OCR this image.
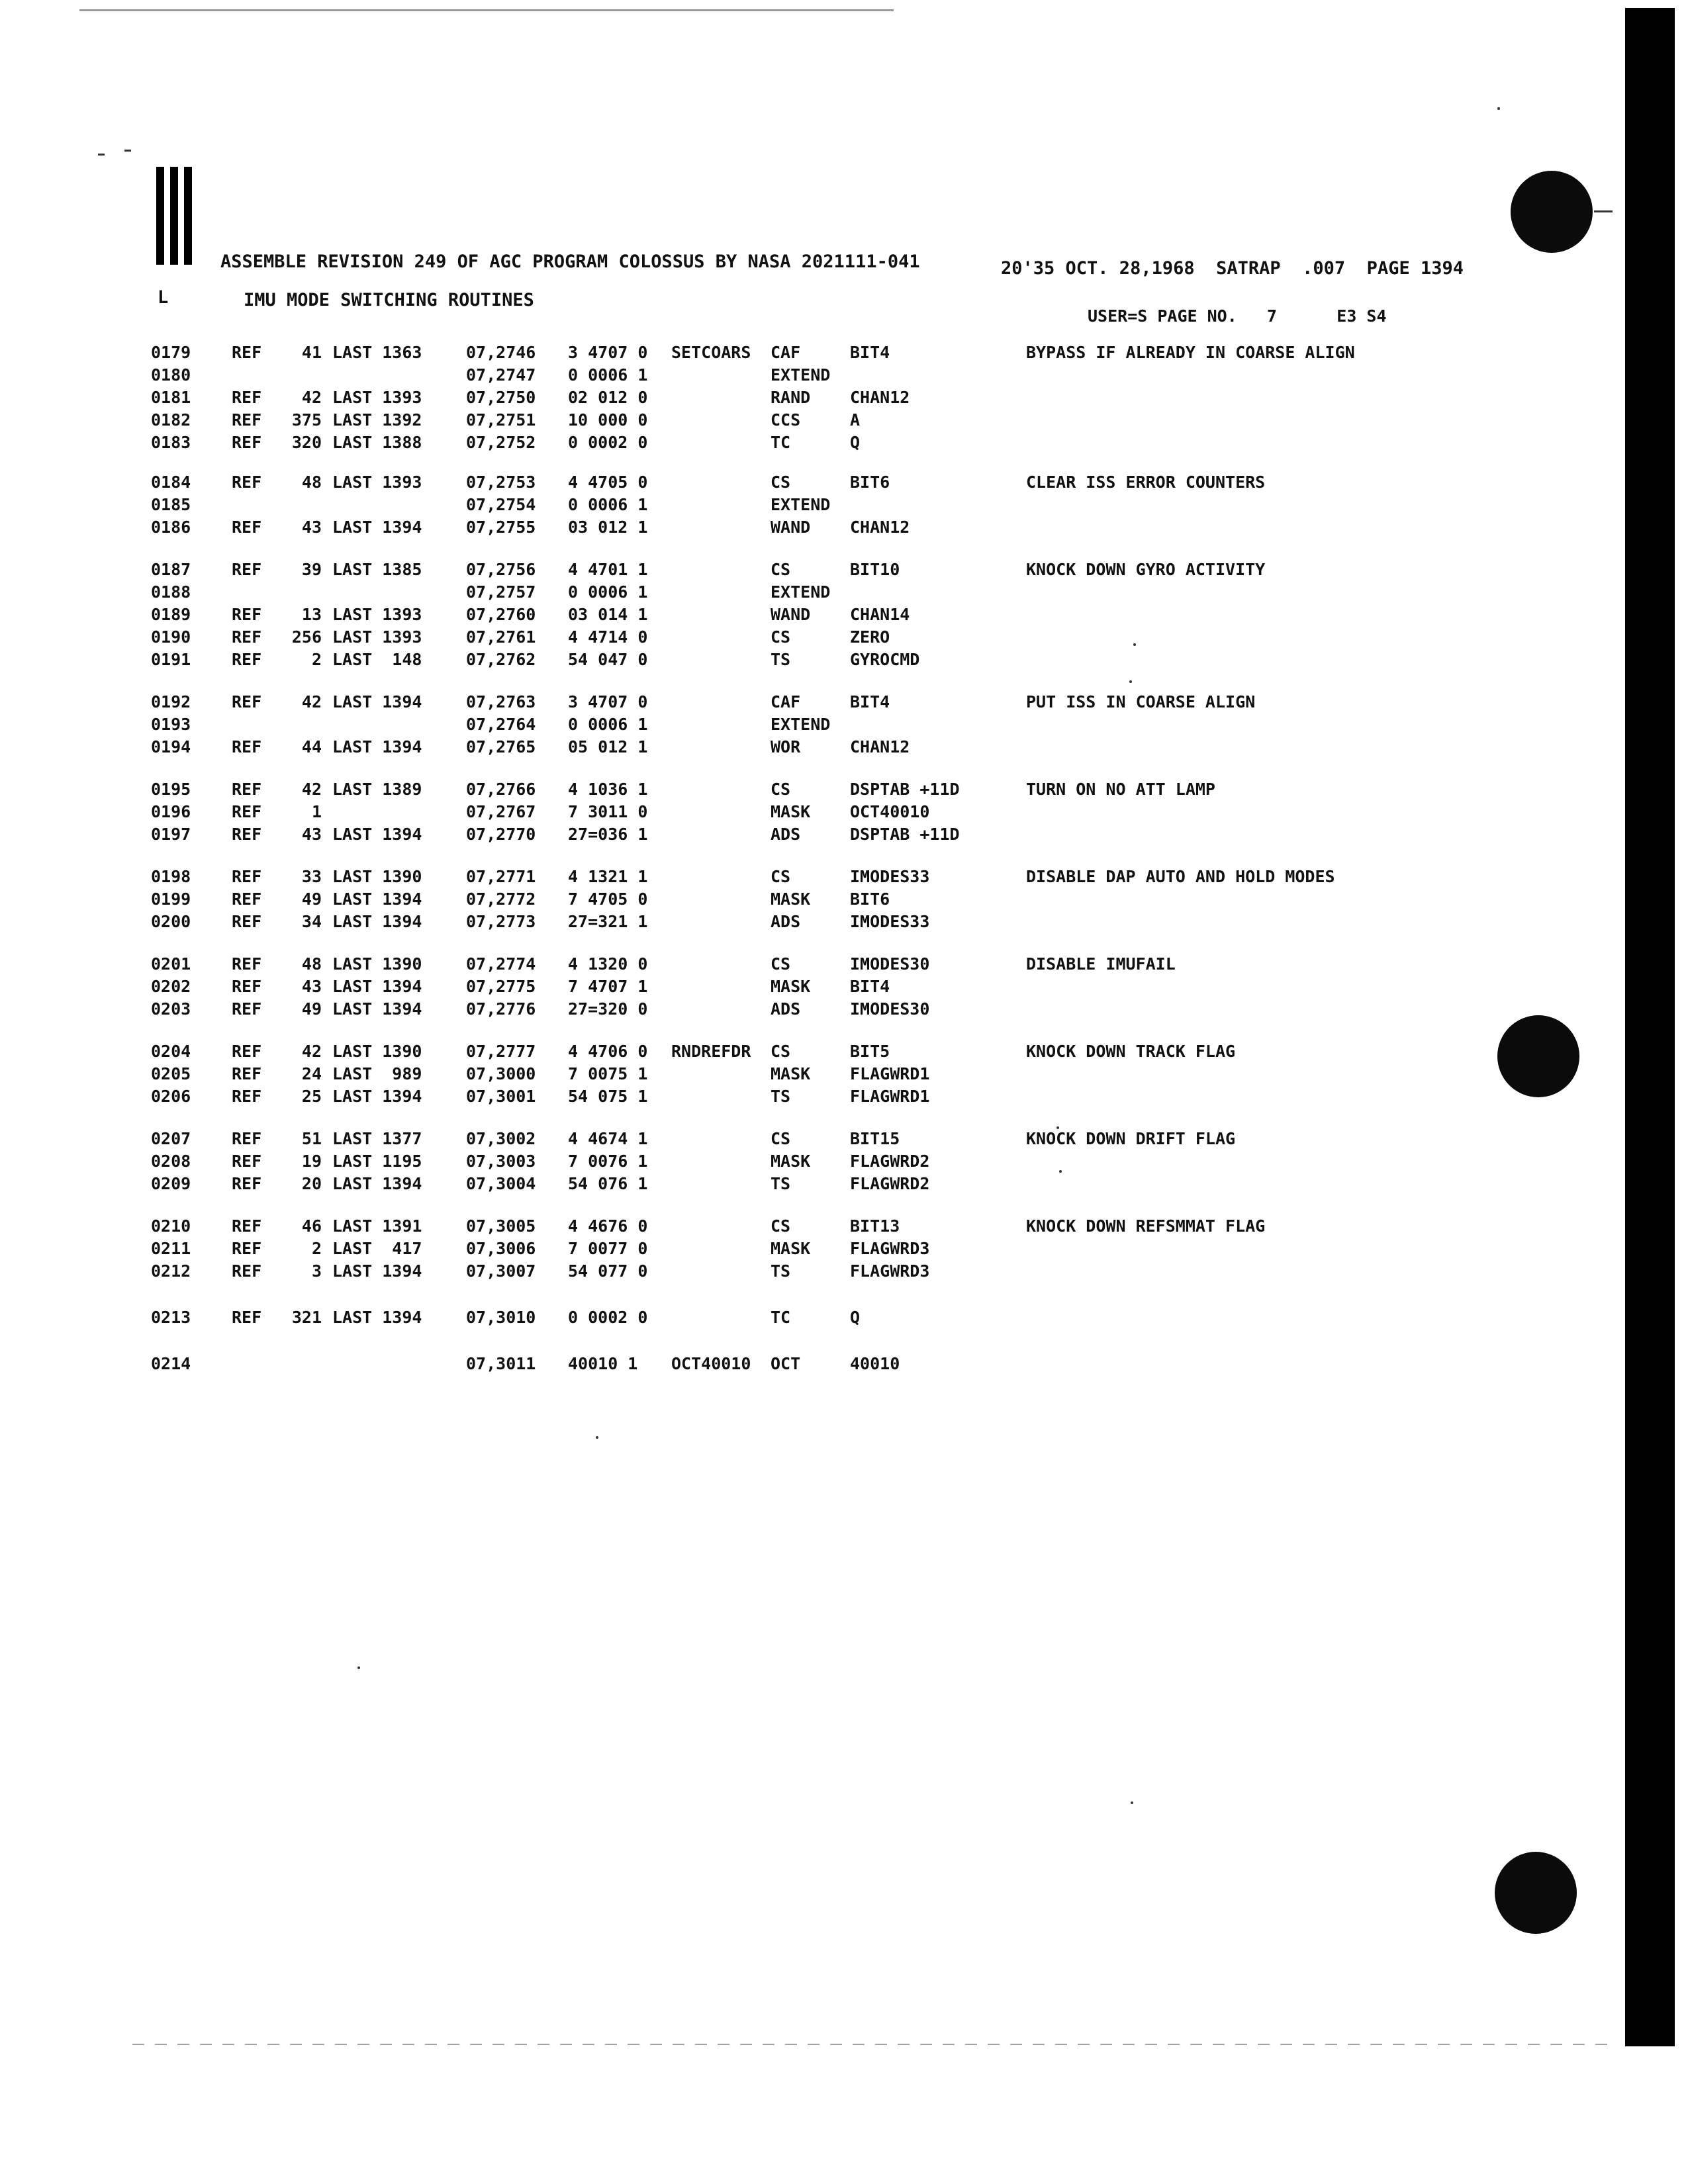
ASSEMBLE REVISION 249 OF AGC PROGRAM COLOSSUS BY NASA 2021111-041	20'35 OCT. 28,1968  SATRAP  .007  PAGE 1394
L	IMU MODE SWITCHING ROUTINES
USER=S PAGE NO.   7      E3 S4
0179 REF	41 LAST 1363	07,2746 3 4707 0 SETCOARS CAF	BIT4	BYPASS IF ALREADY IN COARSE ALIGN
0180	07,2747 0 0006 1	EXTEND
0181 REF	42 LAST 1393	07,2750 02 012 0	RAND CHAN12
0182 REF	375 LAST 1392	07,2751 10 000 0	CCS	A
0183 REF	320 LAST 1388	07,2752 0 0002 0	TC	Q
0184 REF	48 LAST 1393	07,2753 4 4705 0	CS	BIT6	CLEAR ISS ERROR COUNTERS
0185	07,2754 0 0006 1	EXTEND
0186 REF	43 LAST 1394	07,2755 03 012 1	WAND CHAN12
0187 REF	39 LAST 1385	07,2756 4 4701 1	CS	BIT10	KNOCK DOWN GYRO ACTIVITY
0188	07,2757 0 0006 1	EXTEND
0189 REF	13 LAST 1393	07,2760 03 014 1	WAND CHAN14
0190 REF	256 LAST 1393	07,2761 4 4714 0	CS	ZERO
0191 REF	2 LAST  148	07,2762 54 047 0	TS	GYROCMD
0192 REF	42 LAST 1394	07,2763 3 4707 0	CAF	BIT4	PUT ISS IN COARSE ALIGN
0193	07,2764 0 0006 1	EXTEND
0194 REF	44 LAST 1394	07,2765 05 012 1	WOR	CHAN12
0195 REF	42 LAST 1389	07,2766 4 1036 1	CS	DSPTAB +11D	TURN ON NO ATT LAMP
0196 REF	1	07,2767 7 3011 0	MASK OCT40010
0197 REF	43 LAST 1394	07,2770 27=036 1	ADS	DSPTAB +11D
0198 REF	33 LAST 1390	07,2771 4 1321 1	CS	IMODES33	DISABLE DAP AUTO AND HOLD MODES
0199 REF	49 LAST 1394	07,2772 7 4705 0	MASK BIT6
0200 REF	34 LAST 1394	07,2773 27=321 1	ADS	IMODES33
0201 REF	48 LAST 1390	07,2774 4 1320 0	CS	IMODES30	DISABLE IMUFAIL
0202 REF	43 LAST 1394	07,2775 7 4707 1	MASK BIT4
0203 REF	49 LAST 1394	07,2776 27=320 0	ADS	IMODES30
0204 REF	42 LAST 1390	07,2777 4 4706 0 RNDREFDR CS	BIT5	KNOCK DOWN TRACK FLAG
0205 REF	24 LAST  989	07,3000 7 0075 1	MASK FLAGWRD1
0206 REF	25 LAST 1394	07,3001 54 075 1	TS	FLAGWRD1
0207 REF	51 LAST 1377	07,3002 4 4674 1	CS	BIT15	KNOCK DOWN DRIFT FLAG
0208 REF	19 LAST 1195	07,3003 7 0076 1	MASK FLAGWRD2
0209 REF	20 LAST 1394	07,3004 54 076 1	TS	FLAGWRD2
0210 REF	46 LAST 1391	07,3005 4 4676 0	CS	BIT13	KNOCK DOWN REFSMMAT FLAG
0211 REF	2 LAST  417	07,3006 7 0077 0	MASK FLAGWRD3
0212 REF	3 LAST 1394	07,3007 54 077 0	TS	FLAGWRD3
0213 REF	321 LAST 1394	07,3010 0 0002 0	TC	Q
0214	07,3011 40010 1 OCT40010 OCT	40010
